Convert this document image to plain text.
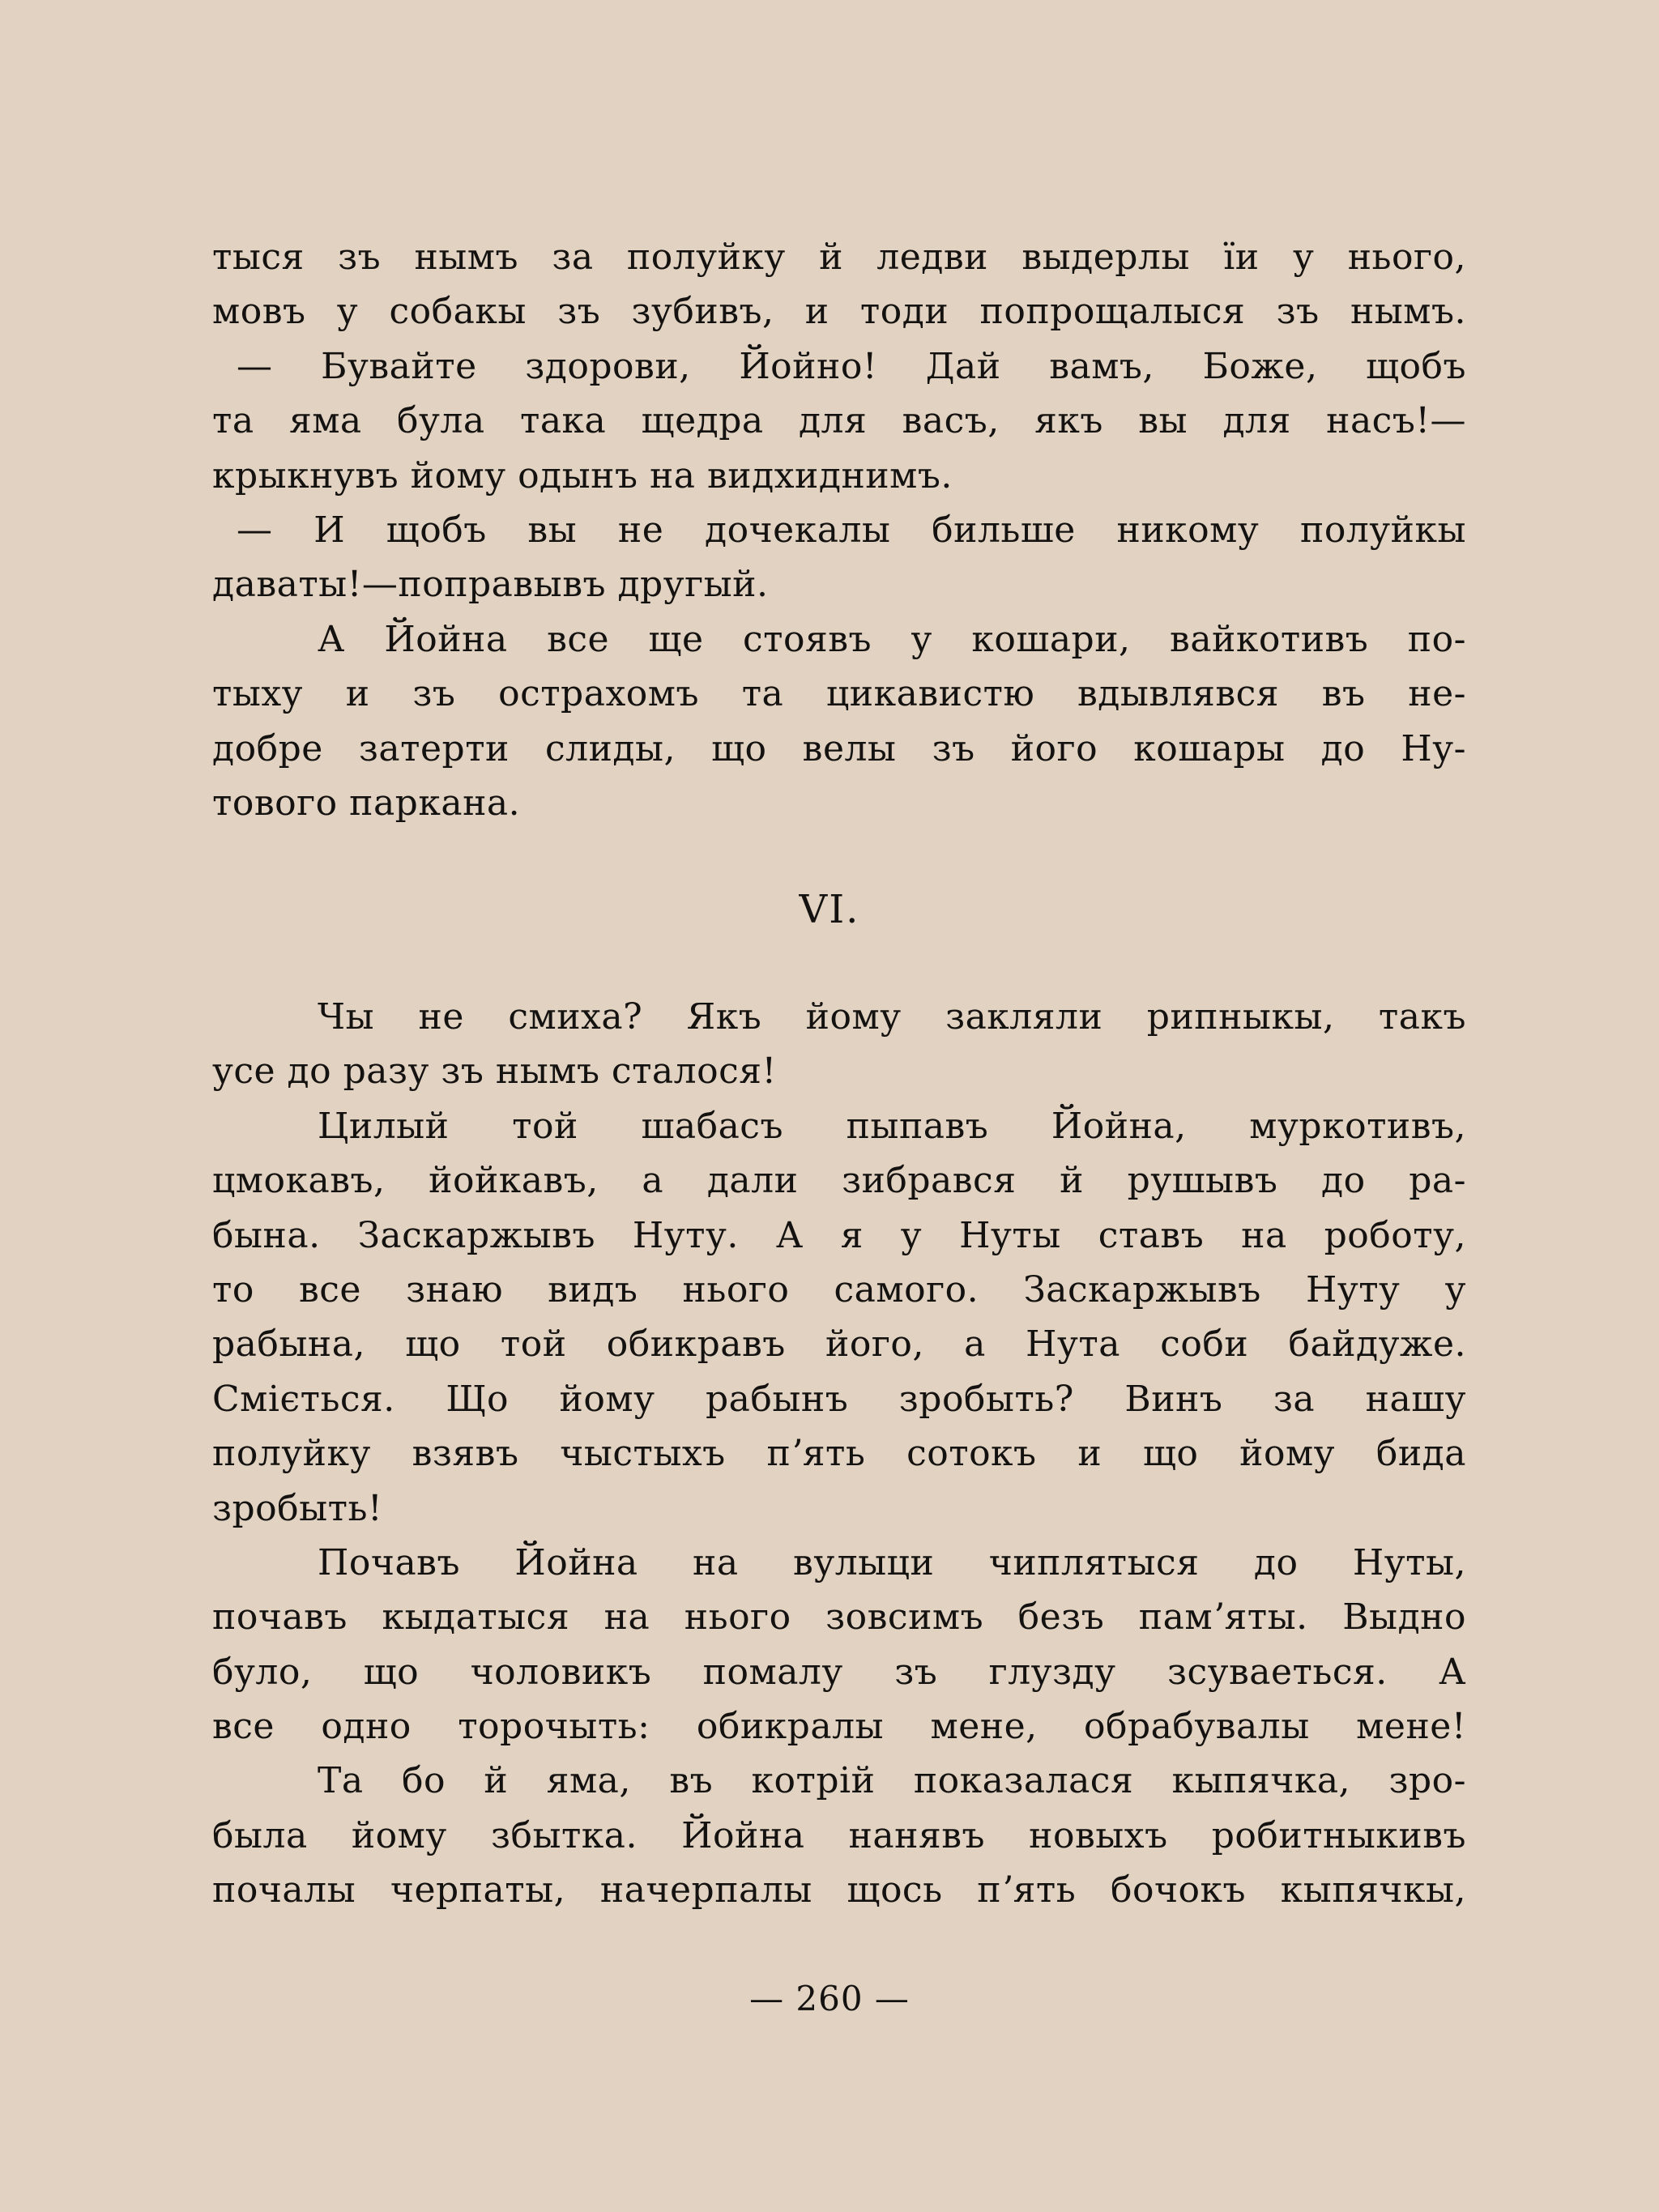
тыся зъ нымъ за полуйку й ледви выдерлы їи у нього,
мовъ у собакы зъ зубивъ, и тоди попрощалыся зъ нымъ.
— Бувайте здорови, Йойно! Дай вамъ, Боже, щобъ
та яма була така щедра для васъ, якъ вы для насъ!—
крыкнувъ йому одынъ на видхиднимъ.
— И щобъ вы не дочекалы бильше никому полуйкы
даваты!—поправывъ другый.
А Йойна все ще стоявъ у кошари, вайкотивъ по-
тыху и зъ острахомъ та цикавистю вдывлявся въ не-
добре затерти слиды, що велы зъ його кошары до Ну-
тового паркана.
VI.
Чы не смиха? Якъ йому закляли рипныкы, такъ
усе до разу зъ нымъ сталося!
Цилый той шабасъ пыпавъ Йойна, муркотивъ,
цмокавъ, йойкавъ, а дали зибрався й рушывъ до ра-
бына. Заскаржывъ Нуту. А я у Нуты ставъ на роботу,
то все знаю видъ нього самого. Заскаржывъ Нуту у
рабына, що той обикравъ його, а Нута соби байдуже.
Сміється. Що йому рабынъ зробыть? Винъ за нашу
полуйку взявъ чыстыхъ пʼять сотокъ и що йому бида
зробыть!
Почавъ Йойна на вулыци чиплятыся до Нуты,
почавъ кыдатыся на нього зовсимъ безъ памʼяты. Выдно
було, що чоловикъ помалу зъ глузду зсуваеться. А
все одно торочыть: обикралы мене, обрабувалы мене!
Та бо й яма, въ котрій показалася кыпячка, зро-
была йому збытка. Йойна нанявъ новыхъ робитныкивъ
почалы черпаты, начерпалы щось пʼять бочокъ кыпячкы,
— 260 —
